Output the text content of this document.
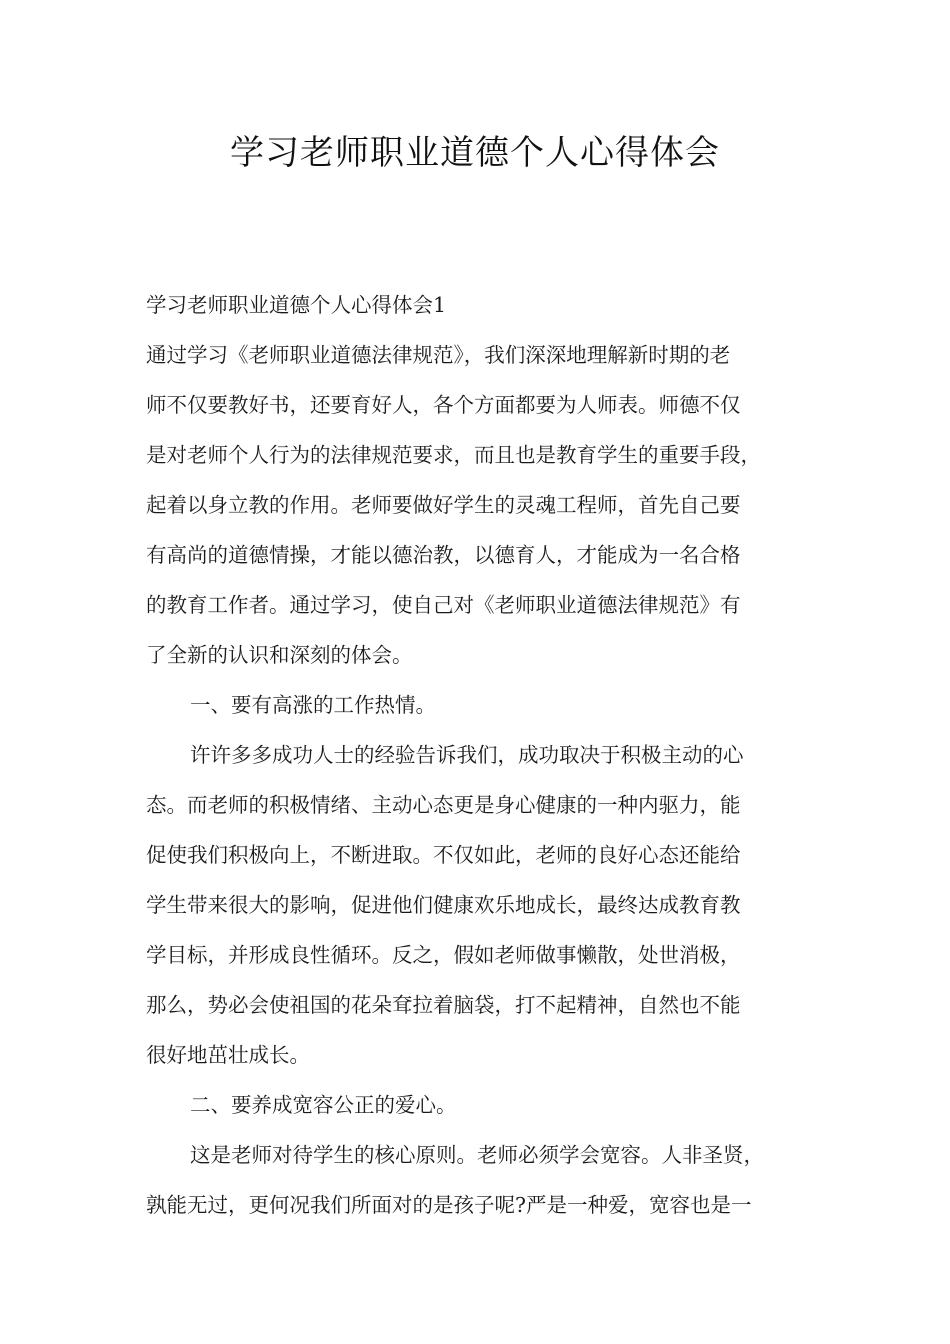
学习老师职业道德个人心得体会
学习老师职业道德个人心得体会1
通过学习《老师职业道德法律规范》，我们深深地理解新时期的老
师不仅要教好书，还要育好人，各个方面都要为人师表。师德不仅
是对老师个人行为的法律规范要求，而且也是教育学生的重要手段，
起着以身立教的作用。老师要做好学生的灵魂工程师，首先自己要
有高尚的道德情操，才能以德治教，以德育人，才能成为一名合格
的教育工作者。通过学习，使自己对《老师职业道德法律规范》有
了全新的认识和深刻的体会。
一、要有高涨的工作热情。
许许多多成功人士的经验告诉我们，成功取决于积极主动的心
态。而老师的积极情绪、主动心态更是身心健康的一种内驱力，能
促使我们积极向上，不断进取。不仅如此，老师的良好心态还能给
学生带来很大的影响，促进他们健康欢乐地成长，最终达成教育教
学目标，并形成良性循环。反之，假如老师做事懒散，处世消极，
那么，势必会使祖国的花朵耷拉着脑袋，打不起精神，自然也不能
很好地茁壮成长。
二、要养成宽容公正的爱心。
这是老师对待学生的核心原则。老师必须学会宽容。人非圣贤，
孰能无过，更何况我们所面对的是孩子呢?严是一种爱，宽容也是一
